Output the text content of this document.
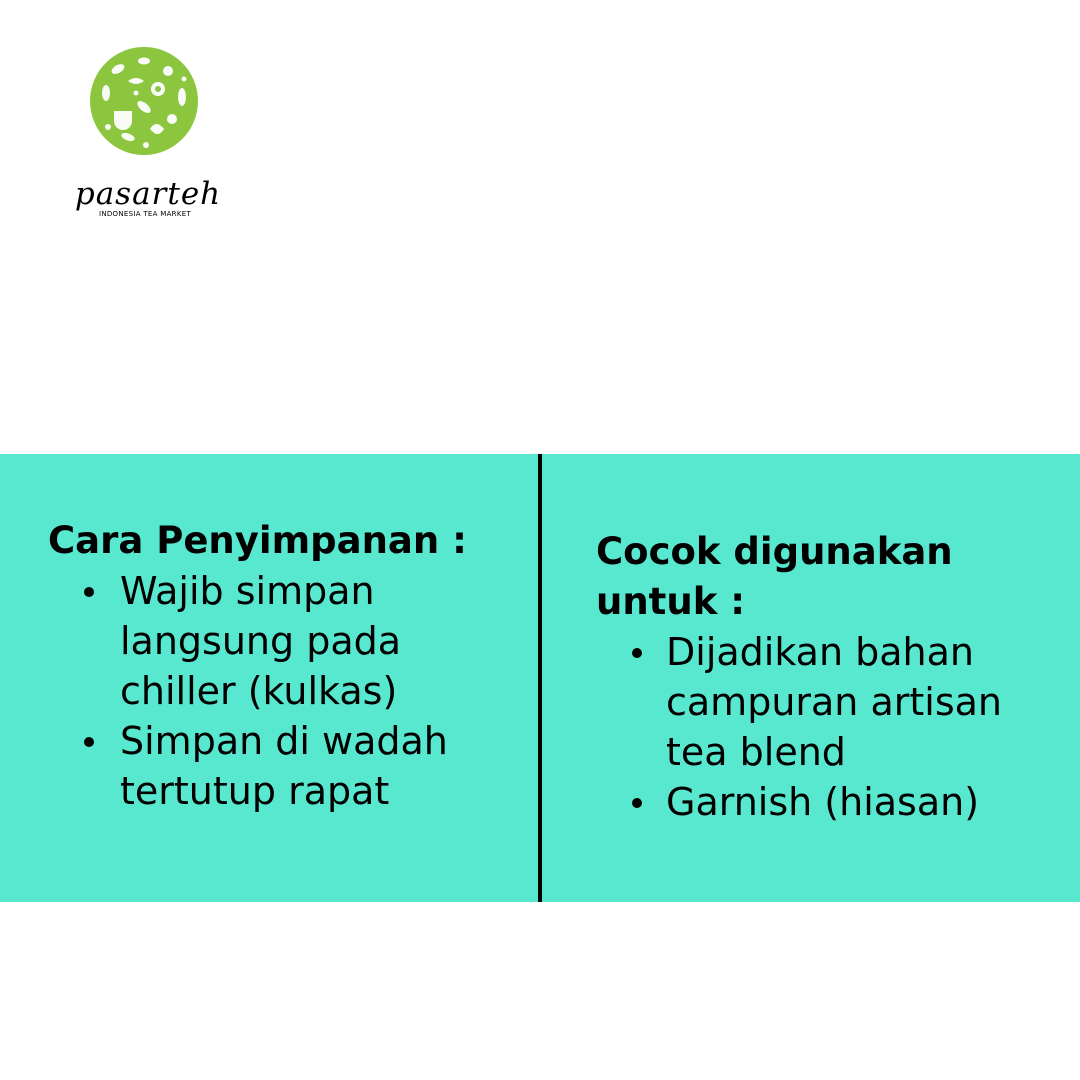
pasarteh
INDONESIA TEA MARKET
Cara Penyimpanan :
Wajib simpan
langsung pada
chiller (kulkas)
Simpan di wadah
tertutup rapat
Cocok digunakan
untuk :
Dijadikan bahan
campuran artisan
tea blend
Garnish (hiasan)
